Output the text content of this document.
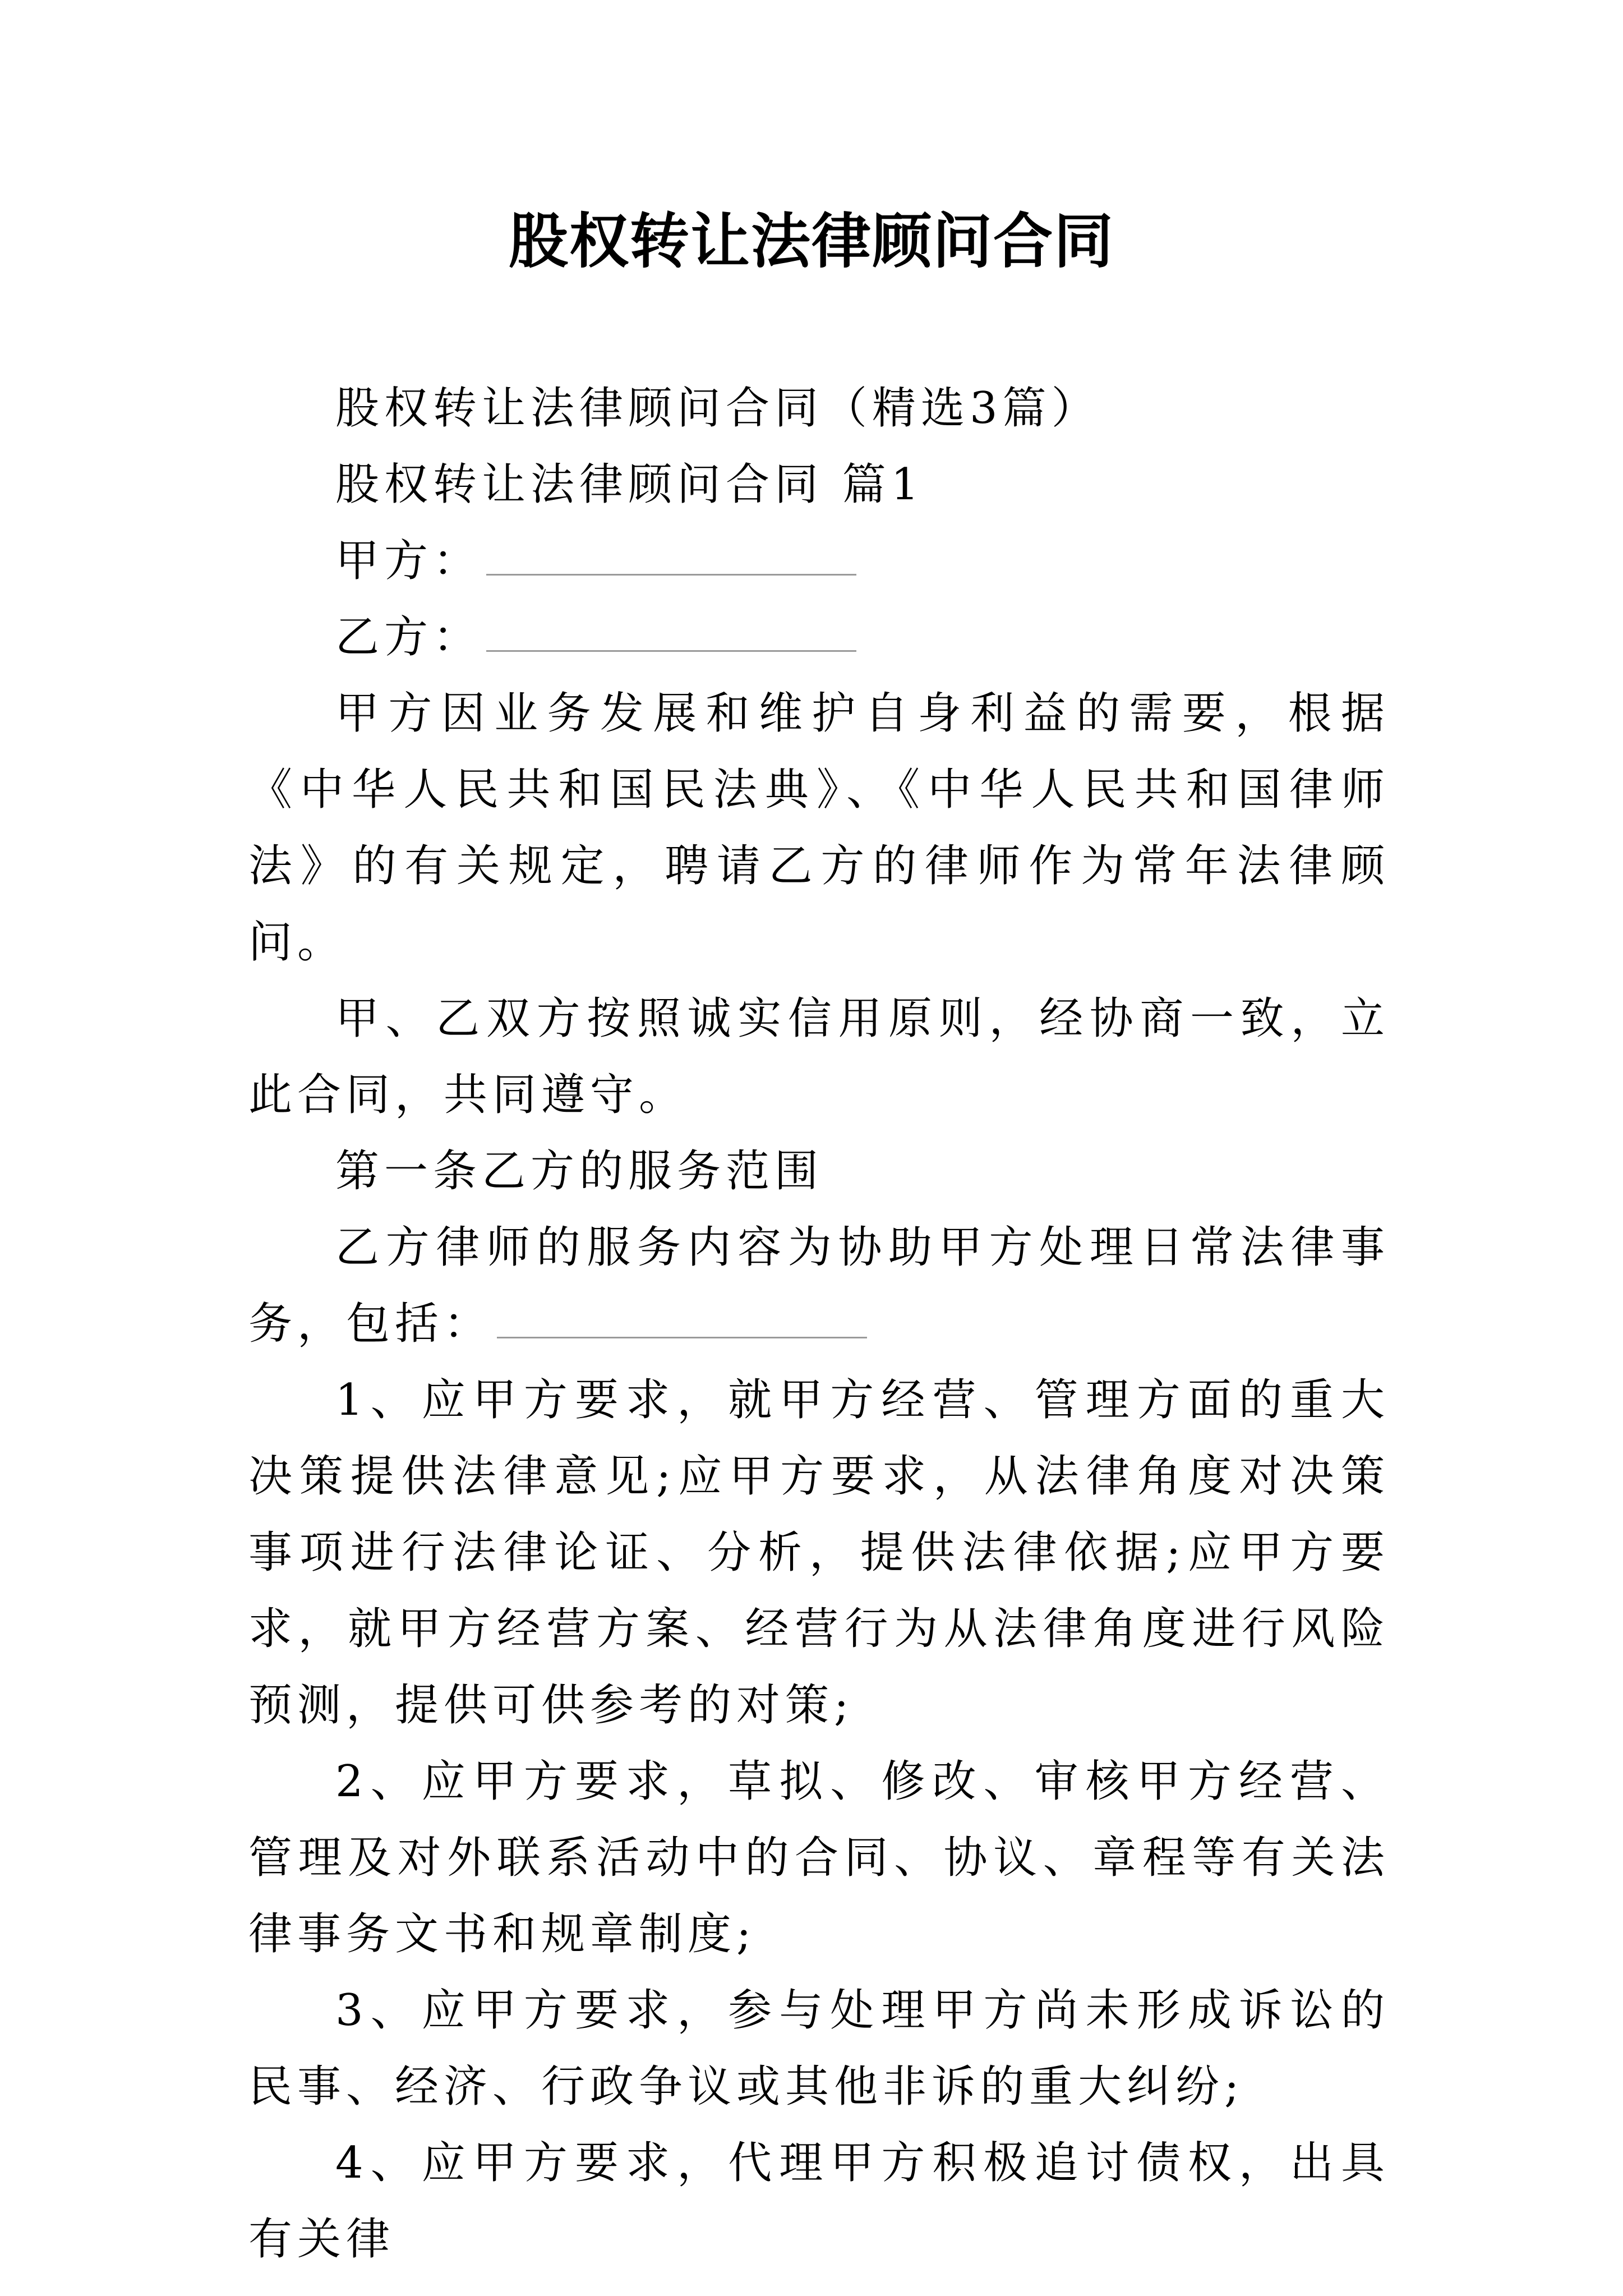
股权转让法律顾问合同

股权转让法律顾问合同（精选3篇）

股权转让法律顾问合同 篇1

甲方：

乙方：

甲方因业务发展和维护自身利益的需要，根据《中华人民共和国民法典》、《中华人民共和国律师法》的有关规定，聘请乙方的律师作为常年法律顾问。

甲、乙双方按照诚实信用原则，经协商一致，立此合同，共同遵守。

第一条乙方的服务范围

乙方律师的服务内容为协助甲方处理日常法律事务，包括：

1、应甲方要求，就甲方经营、管理方面的重大决策提供法律意见;应甲方要求，从法律角度对决策事项进行法律论证、分析，提供法律依据;应甲方要求，就甲方经营方案、经营行为从法律角度进行风险预测，提供可供参考的对策;

2、应甲方要求，草拟、修改、审核甲方经营、管理及对外联系活动中的合同、协议、章程等有关法律事务文书和规章制度;

3、应甲方要求，参与处理甲方尚未形成诉讼的民事、经济、行政争议或其他非诉的重大纠纷;

4、应甲方要求，代理甲方积极追讨债权，出具有关律
